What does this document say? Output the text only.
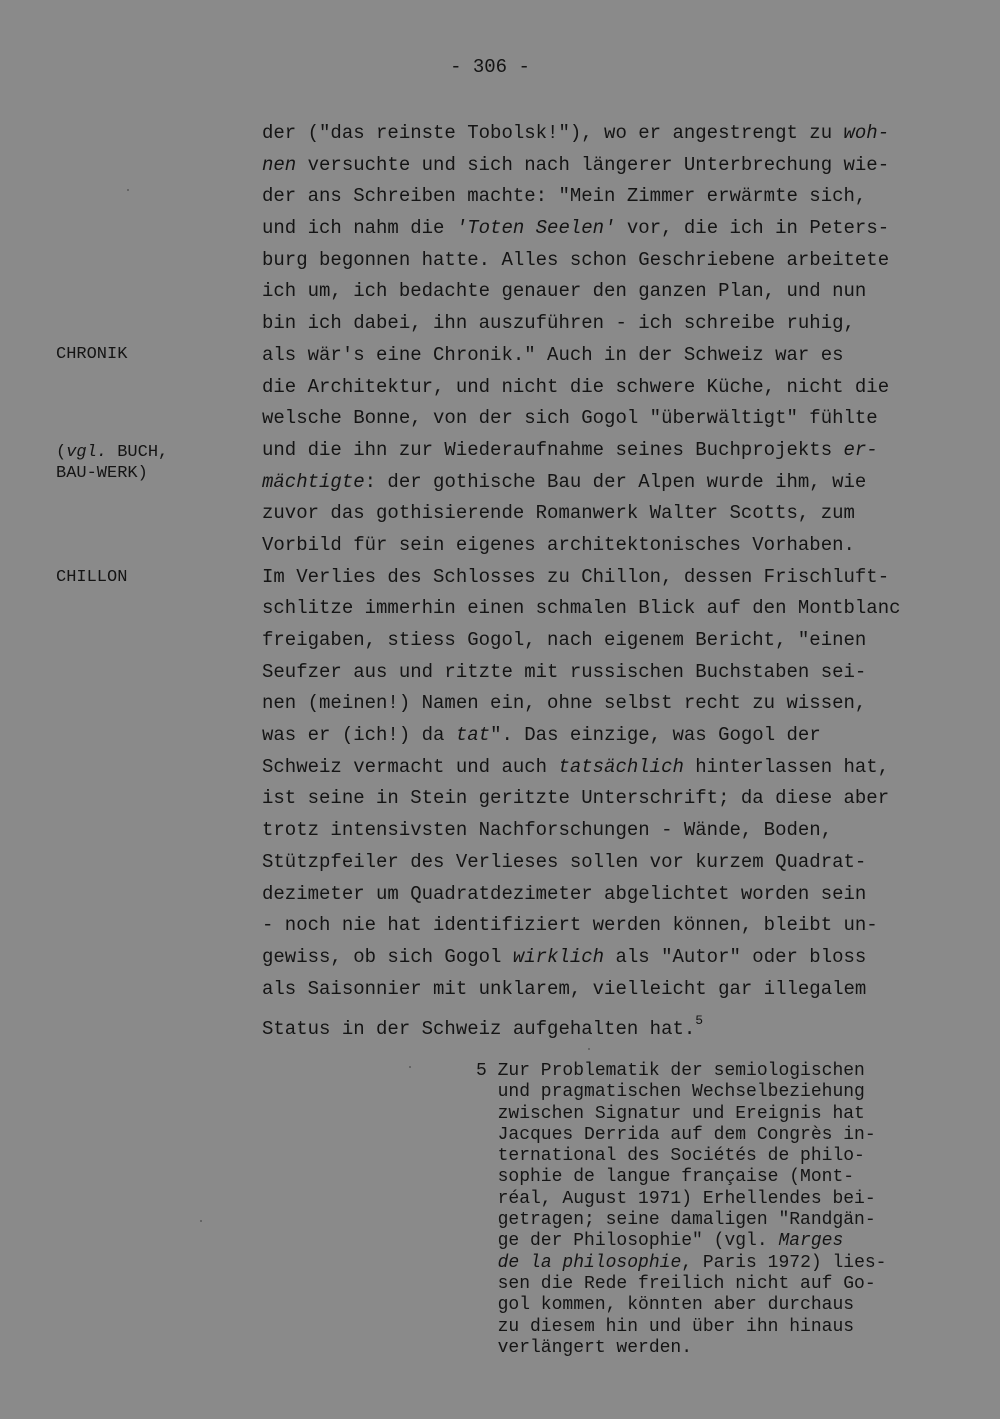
- 306 -
CHRONIK
(vgl. BUCH,
BAU-WERK)
CHILLON
der ("das reinste Tobolsk!"), wo er angestrengt zu woh-
nen versuchte und sich nach längerer Unterbrechung wie-
der ans Schreiben machte: "Mein Zimmer erwärmte sich,
und ich nahm die 'Toten Seelen' vor, die ich in Peters-
burg begonnen hatte. Alles schon Geschriebene arbeitete
ich um, ich bedachte genauer den ganzen Plan, und nun
bin ich dabei, ihn auszuführen - ich schreibe ruhig,
als wär's eine Chronik." Auch in der Schweiz war es
die Architektur, und nicht die schwere Küche, nicht die
welsche Bonne, von der sich Gogol "überwältigt" fühlte
und die ihn zur Wiederaufnahme seines Buchprojekts er-
mächtigte: der gothische Bau der Alpen wurde ihm, wie
zuvor das gothisierende Romanwerk Walter Scotts, zum
Vorbild für sein eigenes architektonisches Vorhaben.
Im Verlies des Schlosses zu Chillon, dessen Frischluft-
schlitze immerhin einen schmalen Blick auf den Montblanc
freigaben, stiess Gogol, nach eigenem Bericht, "einen
Seufzer aus und ritzte mit russischen Buchstaben sei-
nen (meinen!) Namen ein, ohne selbst recht zu wissen,
was er (ich!) da tat". Das einzige, was Gogol der
Schweiz vermacht und auch tatsächlich hinterlassen hat,
ist seine in Stein geritzte Unterschrift; da diese aber
trotz intensivsten Nachforschungen - Wände, Boden,
Stützpfeiler des Verlieses sollen vor kurzem Quadrat-
dezimeter um Quadratdezimeter abgelichtet worden sein
- noch nie hat identifiziert werden können, bleibt un-
gewiss, ob sich Gogol wirklich als "Autor" oder bloss
als Saisonnier mit unklarem, vielleicht gar illegalem
Status in der Schweiz aufgehalten hat.$^5$
5 Zur Problematik der semiologischen
und pragmatischen Wechselbeziehung
zwischen Signatur und Ereignis hat
Jacques Derrida auf dem Congrès in-
ternational des Sociétés de philo-
sophie de langue française (Mont-
réal, August 1971) Erhellendes bei-
getragen; seine damaligen "Randgän-
ge der Philosophie" (vgl. Marges
de la philosophie, Paris 1972) lies-
sen die Rede freilich nicht auf Go-
gol kommen, könnten aber durchaus
zu diesem hin und über ihn hinaus
verlängert werden.
